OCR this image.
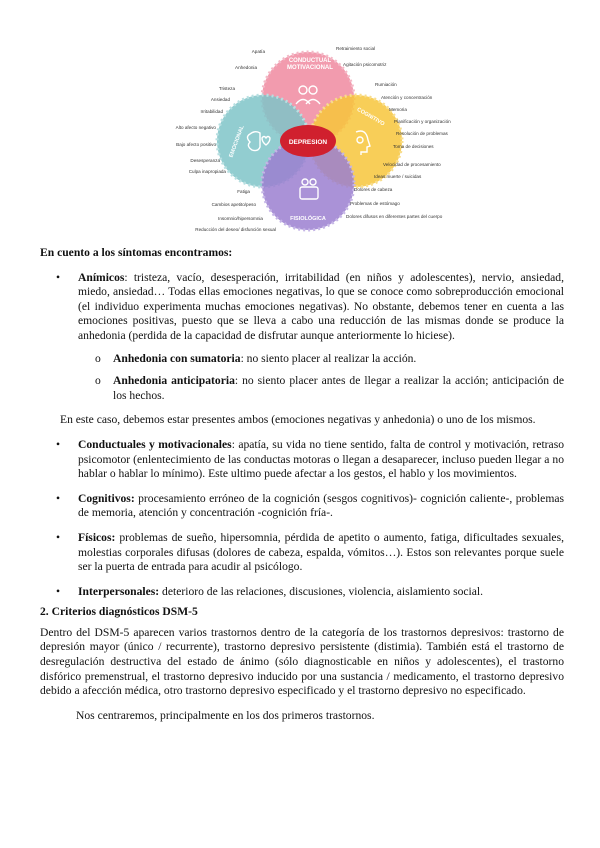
DEPRESION
CONDUCTUAL
MOTIVACIONAL
COGNITIVO
EMOCIONAL
FISIOLÓGICA
Apatía
Anhedonia
Retraimiento social
Agitación psicomotriz
Tristeza
Ansiedad
Irritabilidad
Alto afecto negativo
Bajo afecto positivo
Desesperanza
Culpa inapropiada
Rumiación
Atención y concentración
Memoria
Planificación y organización
Resolución de problemas
Toma de decisiones
Velocidad de procesamiento
Ideas muerte / suicidas
Fatiga
Cambios apetito/peso
Insomnio/hipersomnia
Reducción del deseo/ disfunción sexual
Dolores de cabeza
Problemas de estómago
Dolores difusos en diferentes partes del cuerpo

En cuento a los síntomas encontramos:

• Anímicos: tristeza, vacío, desesperación, irritabilidad (en niños y adolescentes), nervio, ansiedad, miedo, ansiedad… Todas ellas emociones negativas, lo que se conoce como sobreproducción emocional (el individuo experimenta muchas emociones negativas). No obstante, debemos tener en cuenta a las emociones positivas, puesto que se lleva a cabo una reducción de las mismas donde se produce la anhedonia (perdida de la capacidad de disfrutar aunque anteriormente lo hiciese).
o Anhedonia con sumatoria: no siento placer al realizar la acción.
o Anhedonia anticipatoria: no siento placer antes de llegar a realizar la acción; anticipación de los hechos.

En este caso, debemos estar presentes ambos (emociones negativas y anhedonia) o uno de los mismos.

• Conductuales y motivacionales: apatía, su vida no tiene sentido, falta de control y motivación, retraso psicomotor (enlentecimiento de las conductas motoras o llegan a desaparecer, incluso pueden llegar a no hablar o hablar lo mínimo). Este ultimo puede afectar a los gestos, el hablo y los movimientos.
• Cognitivos: procesamiento erróneo de la cognición (sesgos cognitivos)- cognición caliente-, problemas de memoria, atención y concentración -cognición fría-.
• Físicos: problemas de sueño, hipersomnia, pérdida de apetito o aumento, fatiga, dificultades sexuales, molestias corporales difusas (dolores de cabeza, espalda, vómitos…). Estos son relevantes porque suele ser la puerta de entrada para acudir al psicólogo.
• Interpersonales: deterioro de las relaciones, discusiones, violencia, aislamiento social.

2. Criterios diagnósticos DSM-5

Dentro del DSM-5 aparecen varios trastornos dentro de la categoría de los trastornos depresivos: trastorno de depresión mayor (único / recurrente), trastorno depresivo persistente (distimia). También está el trastorno de desregulación destructiva del estado de ánimo (sólo diagnosticable en niños y adolescentes), el trastorno disfórico premenstrual, el trastorno depresivo inducido por una sustancia / medicamento, el trastorno depresivo debido a afección médica, otro trastorno depresivo especificado y el trastorno depresivo no especificado.

Nos centraremos, principalmente en los dos primeros trastornos.
